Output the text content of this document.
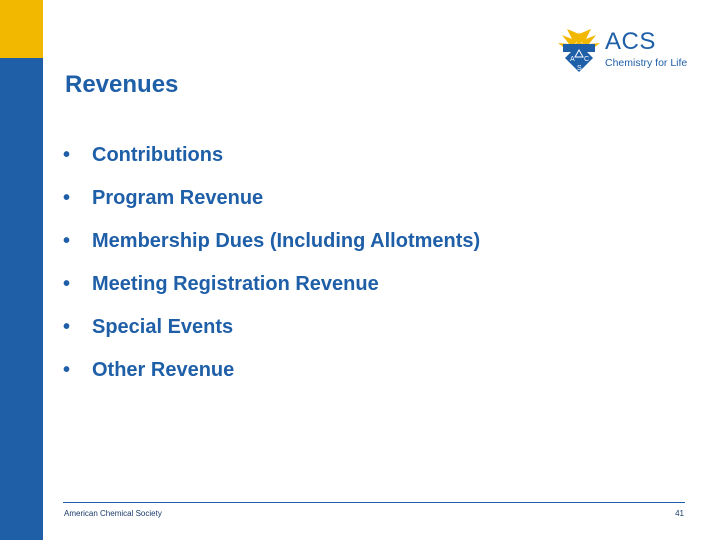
Revenues
A C
S
ACS
Chemistry for Life
• Contributions
• Program Revenue
• Membership Dues (Including Allotments)
• Meeting Registration Revenue
• Special Events
• Other Revenue
American Chemical Society	41
